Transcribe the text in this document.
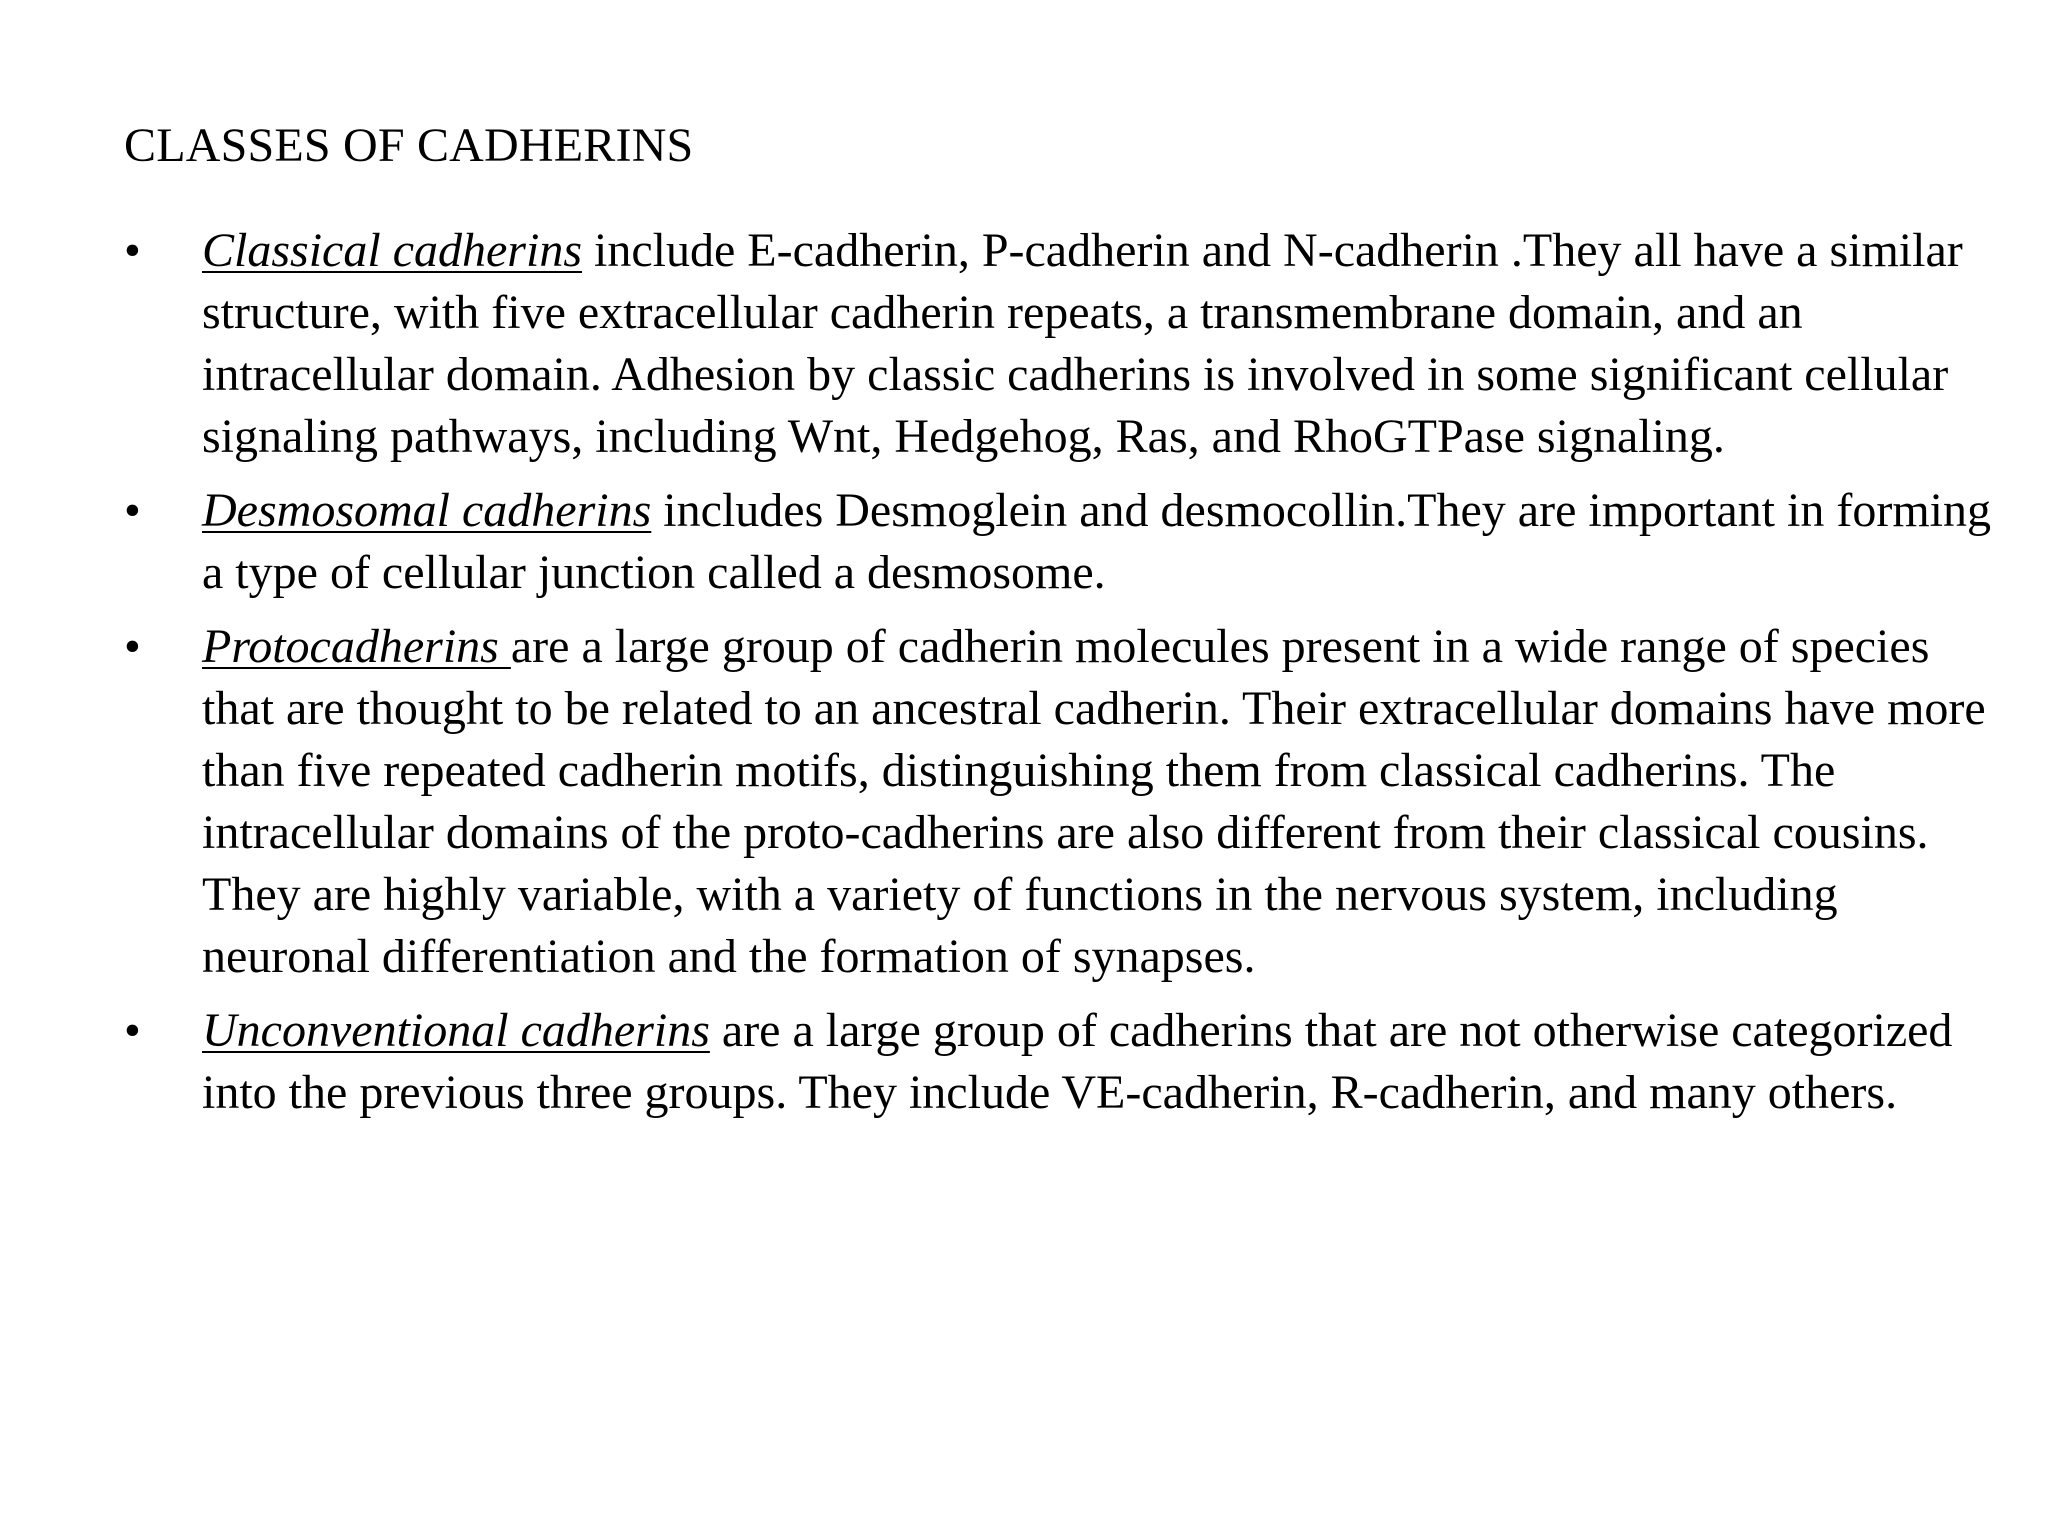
CLASSES OF CADHERINS
•	Classical cadherins include E-cadherin, P-cadherin and N-cadherin .They all have a similar structure, with five extracellular cadherin repeats, a transmembrane domain, and an intracellular domain. Adhesion by classic cadherins is involved in some significant cellular signaling pathways, including Wnt, Hedgehog, Ras, and RhoGTPase signaling.
•	Desmosomal cadherins includes Desmoglein and desmocollin.They are important in forming a type of cellular junction called a desmosome.
•	Protocadherins are a large group of cadherin molecules present in a wide range of species that are thought to be related to an ancestral cadherin. Their extracellular domains have more than five repeated cadherin motifs, distinguishing them from classical cadherins. The intracellular domains of the proto-cadherins are also different from their classical cousins. They are highly variable, with a variety of functions in the nervous system, including neuronal differentiation and the formation of synapses.
•	Unconventional cadherins are a large group of cadherins that are not otherwise categorized into the previous three groups. They include VE-cadherin, R-cadherin, and many others.
